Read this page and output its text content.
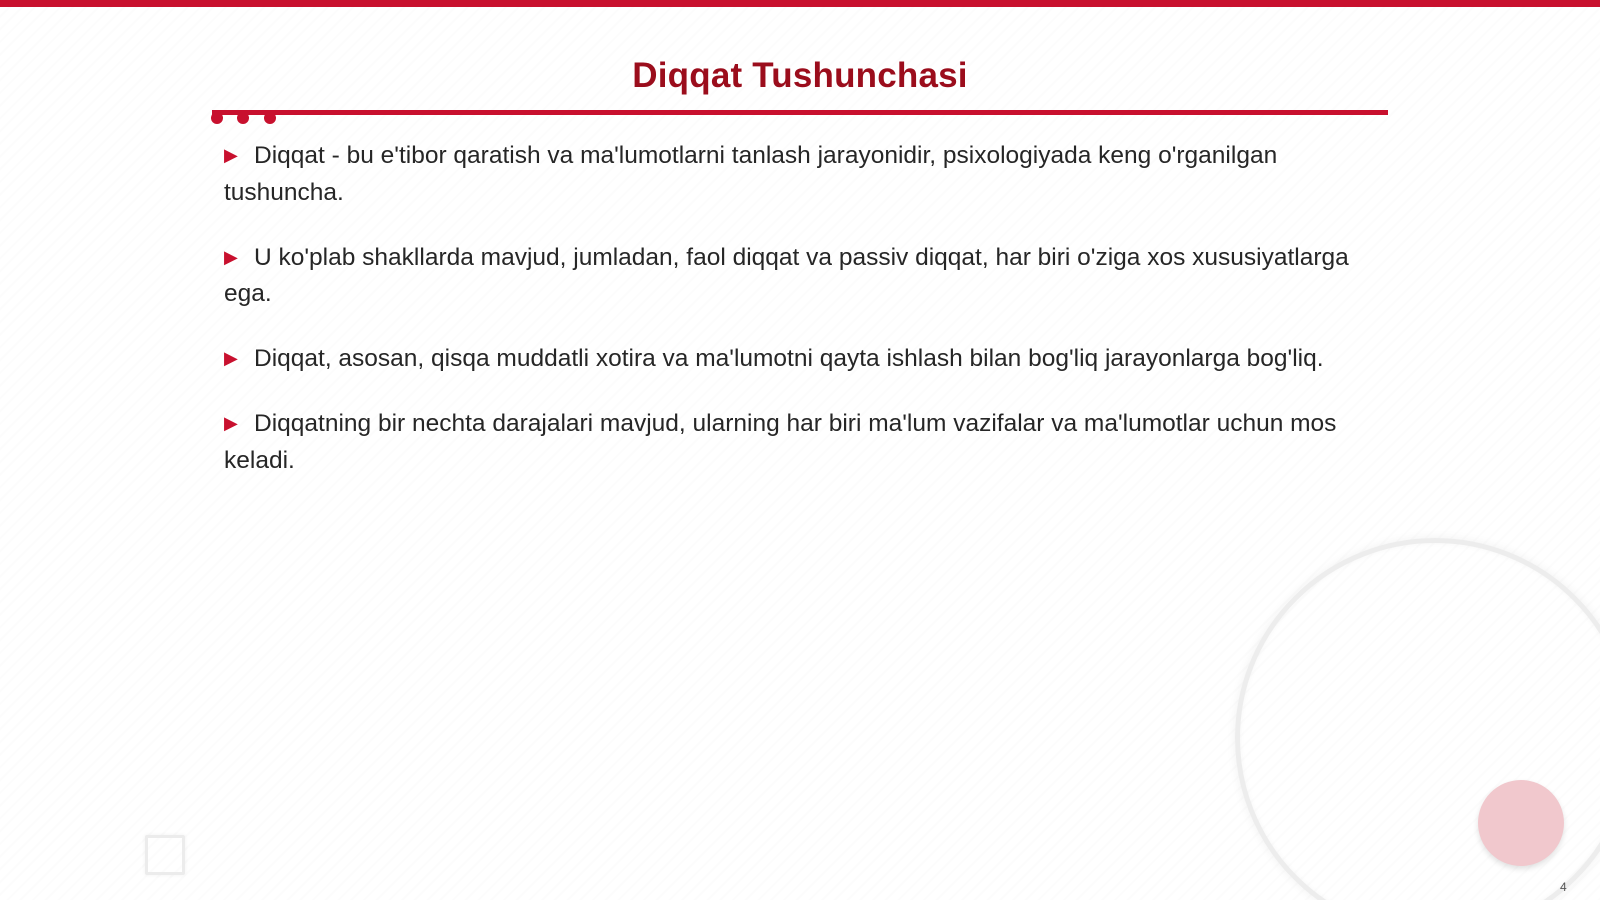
Diqqat Tushunchasi
▶ Diqqat - bu e'tibor qaratish va ma'lumotlarni tanlash jarayonidir, psixologiyada keng o'rganilgan tushuncha.
▶ U ko'plab shakllarda mavjud, jumladan, faol diqqat va passiv diqqat, har biri o'ziga xos xususiyatlarga ega.
▶ Diqqat, asosan, qisqa muddatli xotira va ma'lumotni qayta ishlash bilan bog'liq jarayonlarga bog'liq.
▶ Diqqatning bir nechta darajalari mavjud, ularning har biri ma'lum vazifalar va ma'lumotlar uchun mos keladi.
4
